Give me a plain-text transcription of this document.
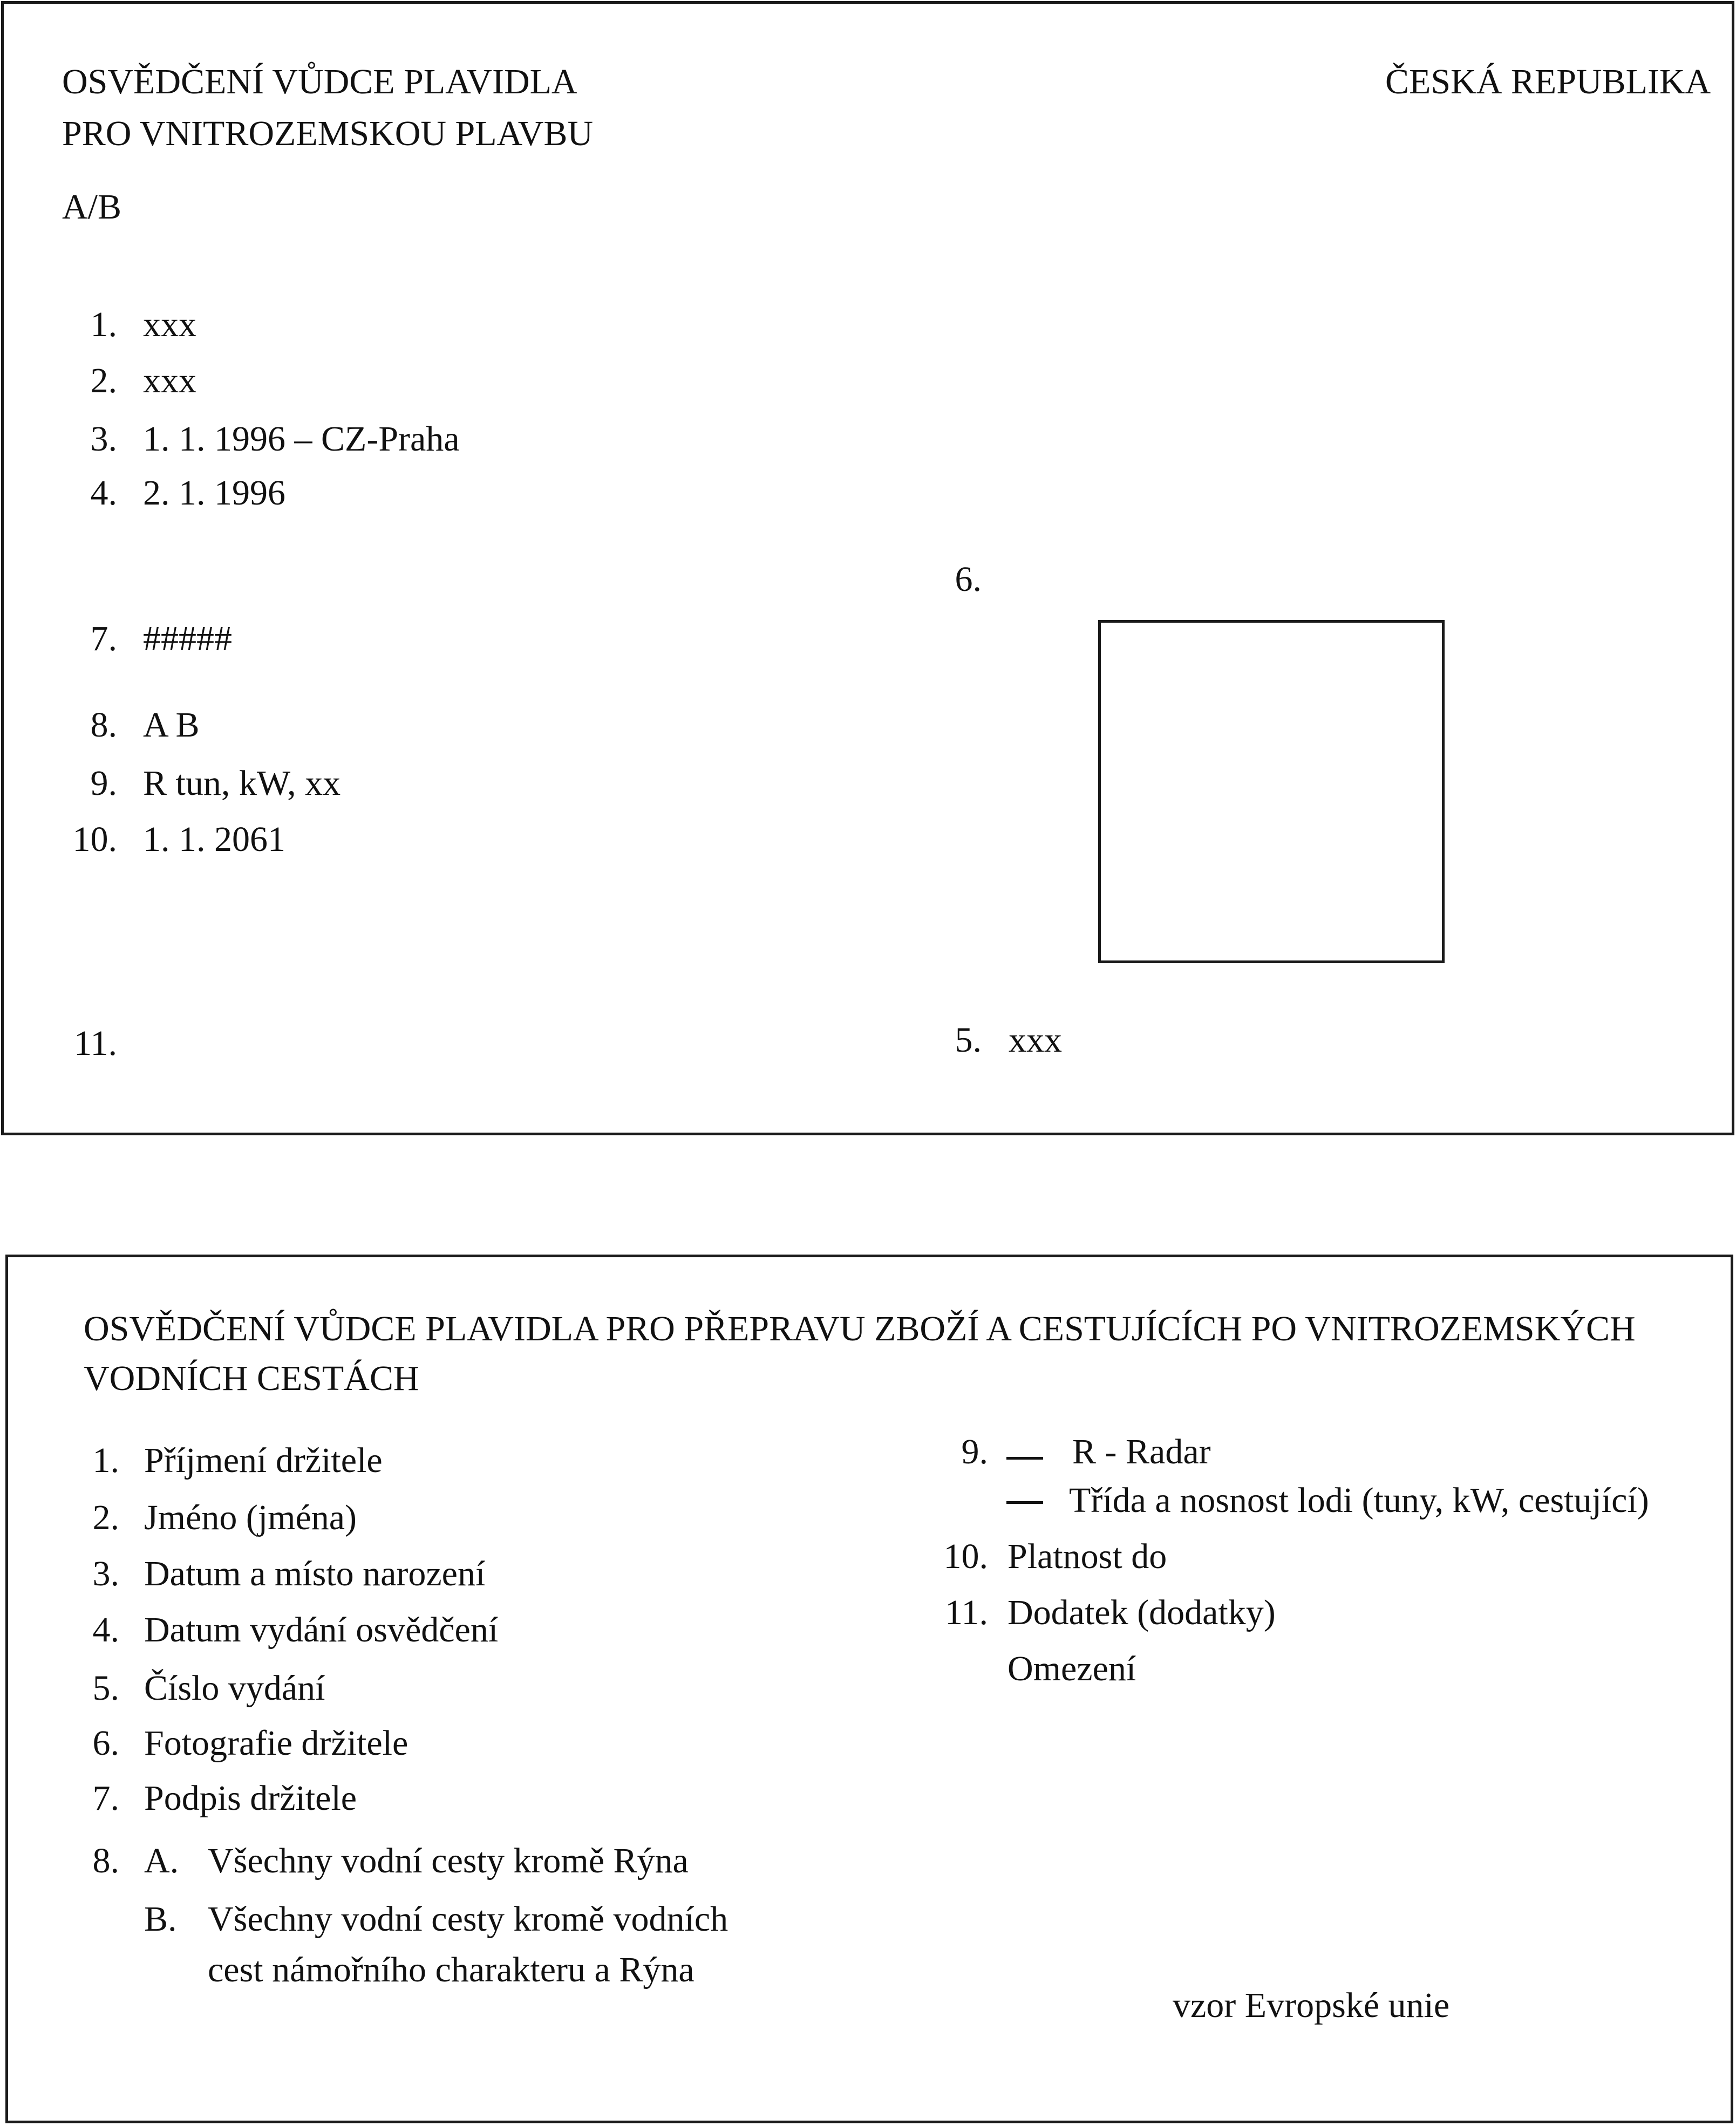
OSVĚDČENÍ VŮDCE PLAVIDLA
PRO VNITROZEMSKOU PLAVBU
ČESKÁ REPUBLIKA
A/B
1. xxx
2. xxx
3. 1. 1. 1996 – CZ-Praha
4. 2. 1. 1996
7. #####
8. A B
9. R tun, kW, xx
10. 1. 1. 2061
11.
6.
5. xxx
OSVĚDČENÍ VŮDCE PLAVIDLA PRO PŘEPRAVU ZBOŽÍ A CESTUJÍCÍCH PO VNITROZEMSKÝCH
VODNÍCH CESTÁCH
1. Příjmení držitele
2. Jméno (jména)
3. Datum a místo narození
4. Datum vydání osvědčení
5. Číslo vydání
6. Fotografie držitele
7. Podpis držitele
8. A. Všechny vodní cesty kromě Rýna
B. Všechny vodní cesty kromě vodních
cest námořního charakteru a Rýna
9. R - Radar
Třída a nosnost lodi (tuny, kW, cestující)
10. Platnost do
11. Dodatek (dodatky)
Omezení
vzor Evropské unie
